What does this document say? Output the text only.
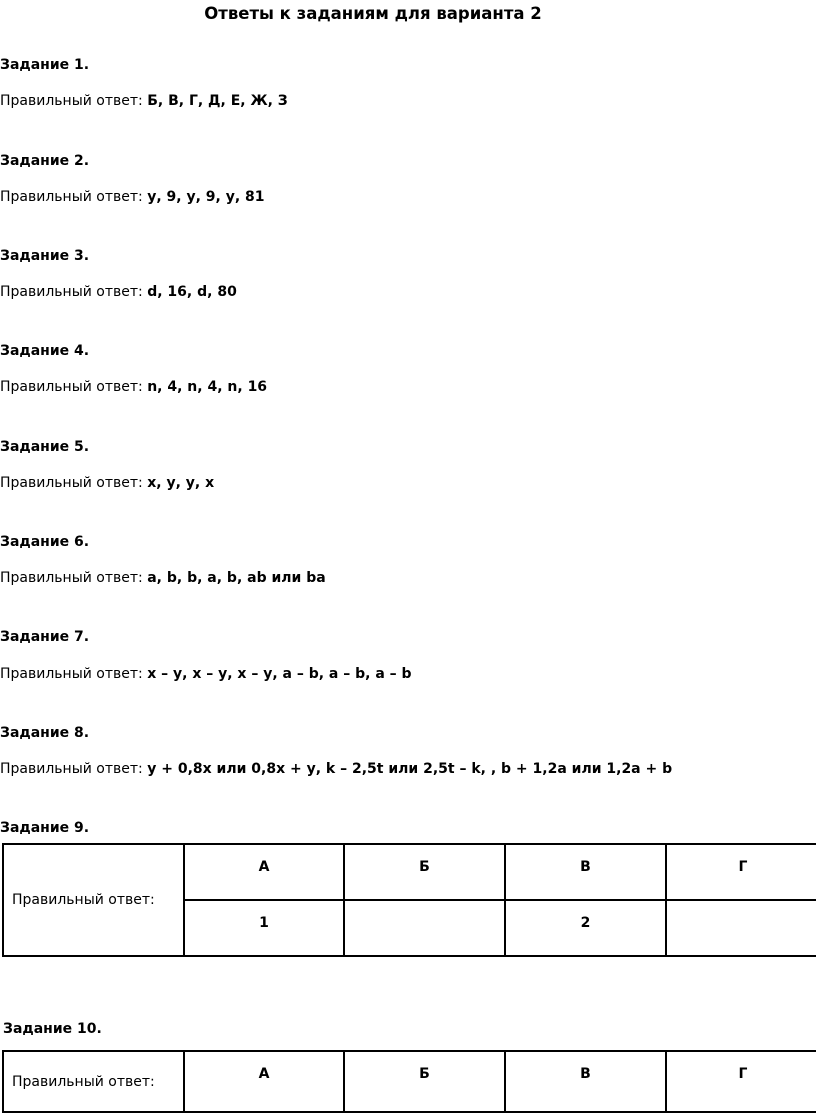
Ответы к заданиям для варианта 2
Задание 1.
Правильный ответ: Б, В, Г, Д, Е, Ж, З
Задание 2.
Правильный ответ: у, 9, у, 9, у, 81
Задание 3.
Правильный ответ: d, 16, d, 80
Задание 4.
Правильный ответ: n, 4, n, 4, n, 16
Задание 5.
Правильный ответ: х, у, у, х
Задание 6.
Правильный ответ: a, b, b, a, b, ab или ba
Задание 7.
Правильный ответ: х – у, х – у, х – у, a – b, a – b, a – b
Задание 8.
Правильный ответ: у + 0,8х или 0,8х + у, k – 2,5t или 2,5t – k, , b + 1,2a или 1,2a + b
Задание 9.
Правильный ответ:	А	Б	В	Г
	1		2	
Задание 10.
Правильный ответ:	А	Б	В	Г
